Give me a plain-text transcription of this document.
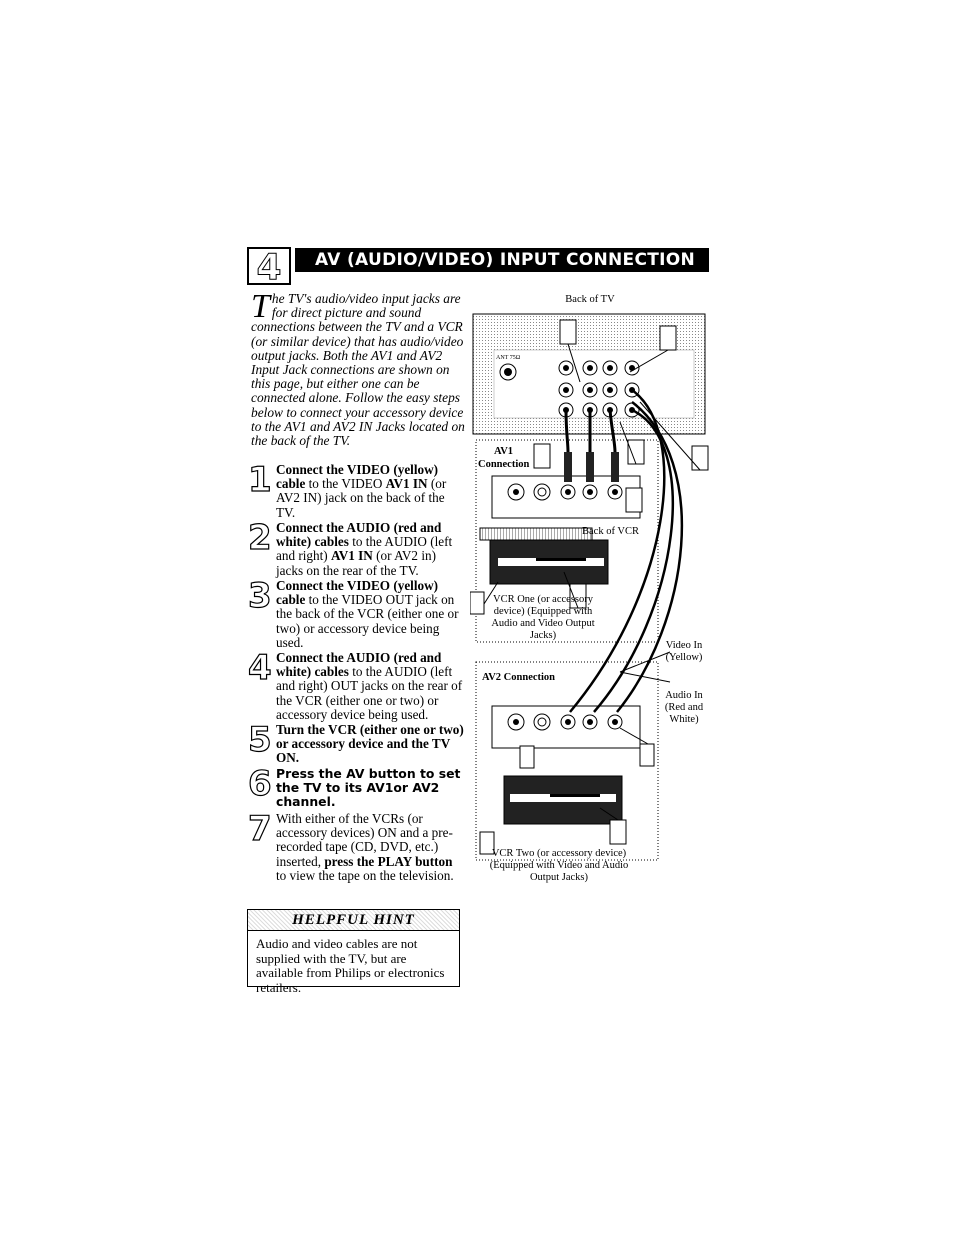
4	AV (AUDIO/VIDEO) INPUT CONNECTION
The TV's audio/video input jacks are for direct picture and sound connections between the TV and a VCR (or similar device) that has audio/video output jacks. Both the AV1 and AV2 Input Jack connections are shown on this page, but either one can be connected alone. Follow the easy steps below to connect your accessory device to the AV1 and AV2 IN Jacks located on the back of the TV.
1 Connect the VIDEO (yellow) cable to the VIDEO AV1 IN (or AV2 IN) jack on the back of the TV.
2 Connect the AUDIO (red and white) cables to the AUDIO (left and right) AV1 IN (or AV2 in) jacks on the rear of the TV.
3 Connect the VIDEO (yellow) cable to the VIDEO OUT jack on the back of the VCR (either one or two) or accessory device being used.
4 Connect the AUDIO (red and white) cables to the AUDIO (left and right) OUT jacks on the rear of the VCR (either one or two) or accessory device being used.
5 Turn the VCR (either one or two) or accessory device and the TV ON.
6 Press the AV button to set the TV to its AV1or AV2 channel.
7 With either of the VCRs (or accessory devices) ON and a pre-recorded tape (CD, DVD, etc.) inserted, press the PLAY button to view the tape on the television.
HELPFUL HINT
Audio and video cables are not supplied with the TV, but are available from Philips or electronics retailers.
Back of TV
ANT 75Ω
AV1
Connection
Back of VCR
VCR One (or accessory device) (Equipped with Audio and Video Output Jacks)
AV2 Connection
VCR Two (or accessory device) (Equipped with Video and Audio Output Jacks)
Video In (Yellow)
Audio In (Red and White)
